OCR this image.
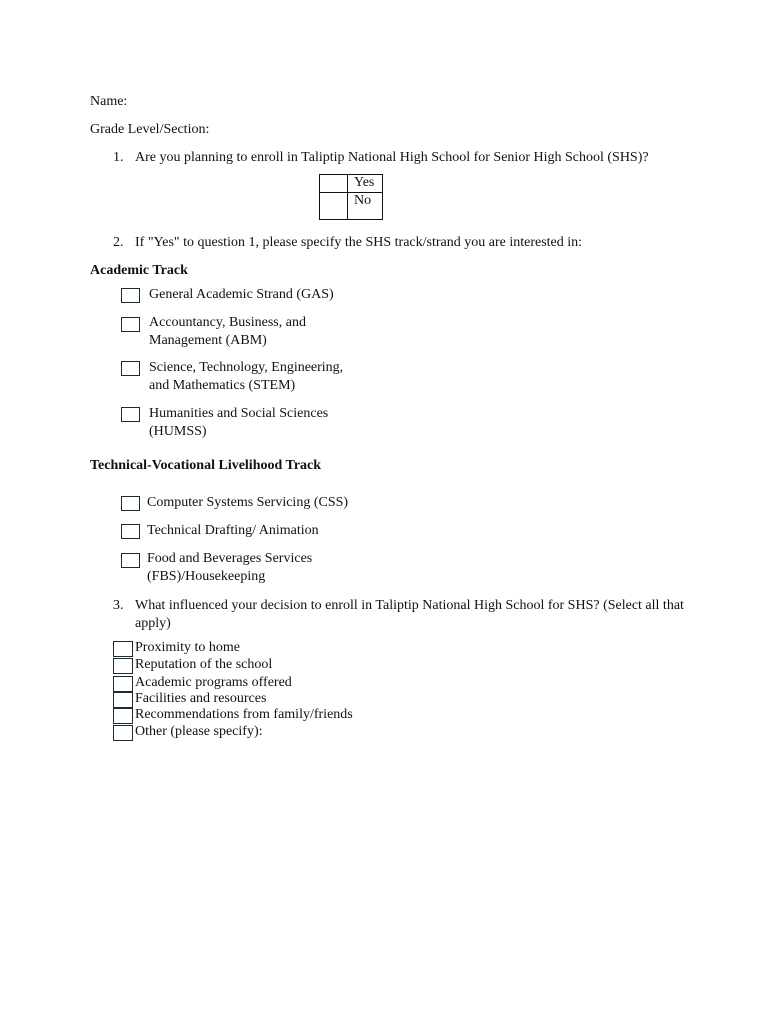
Name:
Grade Level/Section:
1. Are you planning to enroll in Taliptip National High School for Senior High School (SHS)?
	Yes
	No
2. If "Yes" to question 1, please specify the SHS track/strand you are interested in:
Academic Track
General Academic Strand (GAS)
Accountancy, Business, and
Management (ABM)
Science, Technology, Engineering,
and Mathematics (STEM)
Humanities and Social Sciences
(HUMSS)
Technical-Vocational Livelihood Track
Computer Systems Servicing (CSS)
Technical Drafting/ Animation
Food and Beverages Services
(FBS)/Housekeeping
3. What influenced your decision to enroll in Taliptip National High School for SHS? (Select all that
apply)
Proximity to home
Reputation of the school
Academic programs offered
Facilities and resources
Recommendations from family/friends
Other (please specify):
